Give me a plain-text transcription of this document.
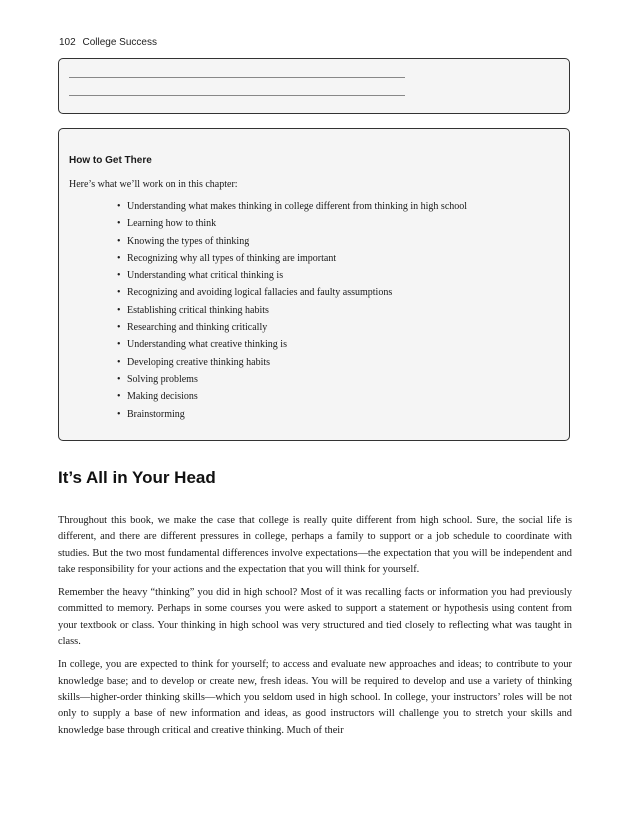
102 College Success
How to Get There

Here’s what we’ll work on in this chapter:

• Understanding what makes thinking in college different from thinking in high school
• Learning how to think
• Knowing the types of thinking
• Recognizing why all types of thinking are important
• Understanding what critical thinking is
• Recognizing and avoiding logical fallacies and faulty assumptions
• Establishing critical thinking habits
• Researching and thinking critically
• Understanding what creative thinking is
• Developing creative thinking habits
• Solving problems
• Making decisions
• Brainstorming
It’s All in Your Head

Throughout this book, we make the case that college is really quite different from high school. Sure, the social life is different, and there are different pressures in college, perhaps a family to support or a job schedule to coordinate with studies. But the two most fundamental differences involve expectations—the expectation that you will be independent and take responsibility for your actions and the expectation that you will think for yourself.

Remember the heavy “thinking” you did in high school? Most of it was recalling facts or information you had previously committed to memory. Perhaps in some courses you were asked to support a statement or hypothesis using content from your textbook or class. Your thinking in high school was very structured and tied closely to reflecting what was taught in class.

In college, you are expected to think for yourself; to access and evaluate new approaches and ideas; to contribute to your knowledge base; and to develop or create new, fresh ideas. You will be required to develop and use a variety of thinking skills—higher-order thinking skills—which you seldom used in high school. In college, your instructors’ roles will be not only to supply a base of new information and ideas, as good instructors will challenge you to stretch your skills and knowledge base through critical and creative thinking. Much of their
